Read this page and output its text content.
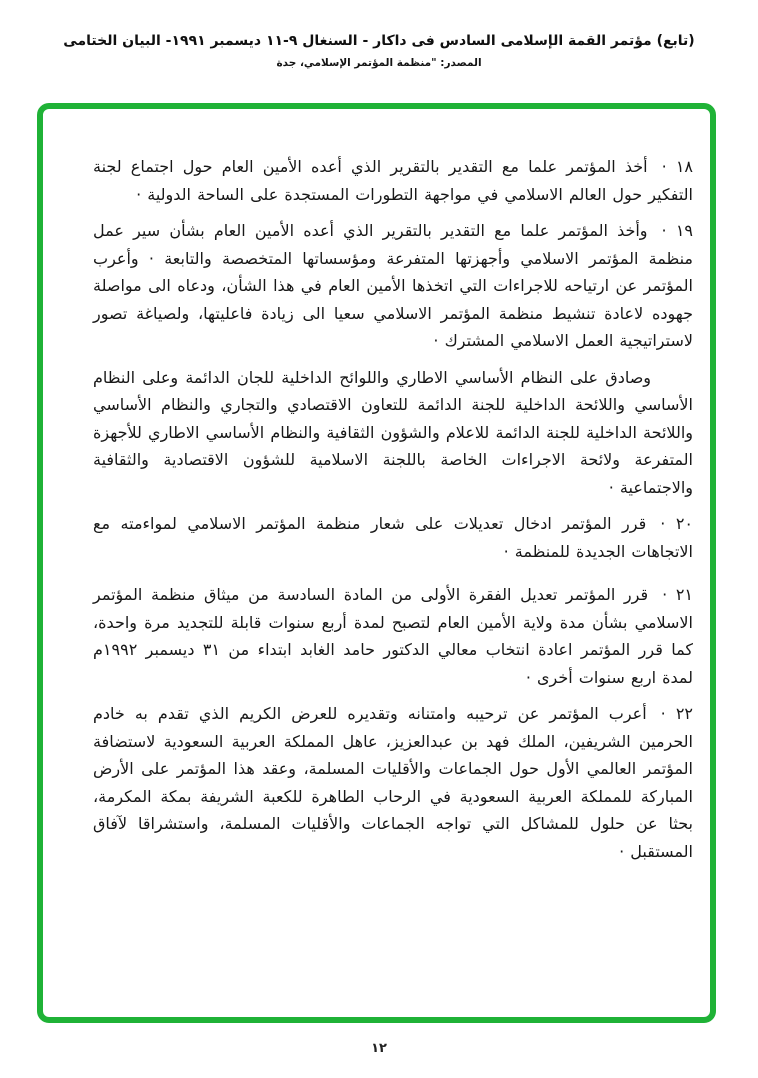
(تابع) مؤتمر القمة الإسلامى السادس فى داكار - السنغال ٩-١١ ديسمبر ١٩٩١- البيان الختامى
المصدر: "منظمة المؤتمر الإسلامي، جدة

١٨ ·أخذ المؤتمر علما مع التقدير بالتقرير الذي أعده الأمين العام حول اجتماع لجنة التفكير حول العالم الاسلامي في مواجهة التطورات المستجدة على الساحة الدولية ·

١٩ ·وأخذ المؤتمر علما مع التقدير بالتقرير الذي أعده الأمين العام بشأن سير عمل منظمة المؤتمر الاسلامي وأجهزتها المتفرعة ومؤسساتها المتخصصة والتابعة · وأعرب المؤتمر عن ارتياحه للاجراءات التي اتخذها الأمين العام في هذا الشأن، ودعاه الى مواصلة جهوده لاعادة تنشيط منظمة المؤتمر الاسلامي سعيا الى زيادة فاعليتها، ولصياغة تصور لاستراتيجية العمل الاسلامي المشترك ·

وصادق على النظام الأساسي الاطاري واللوائح الداخلية للجان الدائمة وعلى النظام الأساسي واللائحة الداخلية للجنة الدائمة للتعاون الاقتصادي والتجاري والنظام الأساسي واللائحة الداخلية للجنة الدائمة للاعلام والشؤون الثقافية والنظام الأساسي الاطاري للأجهزة المتفرعة ولائحة الاجراءات الخاصة باللجنة الاسلامية للشؤون الاقتصادية والثقافية والاجتماعية ·

٢٠ ·قرر المؤتمر ادخال تعديلات على شعار منظمة المؤتمر الاسلامي لمواءمته مع الاتجاهات الجديدة للمنظمة ·

٢١ ·قرر المؤتمر تعديل الفقرة الأولى من المادة السادسة من ميثاق منظمة المؤتمر الاسلامي بشأن مدة ولاية الأمين العام لتصبح لمدة أربع سنوات قابلة للتجديد مرة واحدة، كما قرر المؤتمر اعادة انتخاب معالي الدكتور حامد الغابد ابتداء من ٣١ ديسمبر ١٩٩٢م لمدة اربع سنوات أخرى ·

٢٢ ·أعرب المؤتمر عن ترحيبه وامتنانه وتقديره للعرض الكريم الذي تقدم به خادم الحرمين الشريفين، الملك فهد بن عبدالعزيز، عاهل المملكة العربية السعودية لاستضافة المؤتمر العالمي الأول حول الجماعات والأقليات المسلمة، وعقد هذا المؤتمر على الأرض المباركة للمملكة العربية السعودية في الرحاب الطاهرة للكعبة الشريفة بمكة المكرمة، بحثا عن حلول للمشاكل التي تواجه الجماعات والأقليات المسلمة، واستشراقا لآفاق المستقبل ·

١٢
